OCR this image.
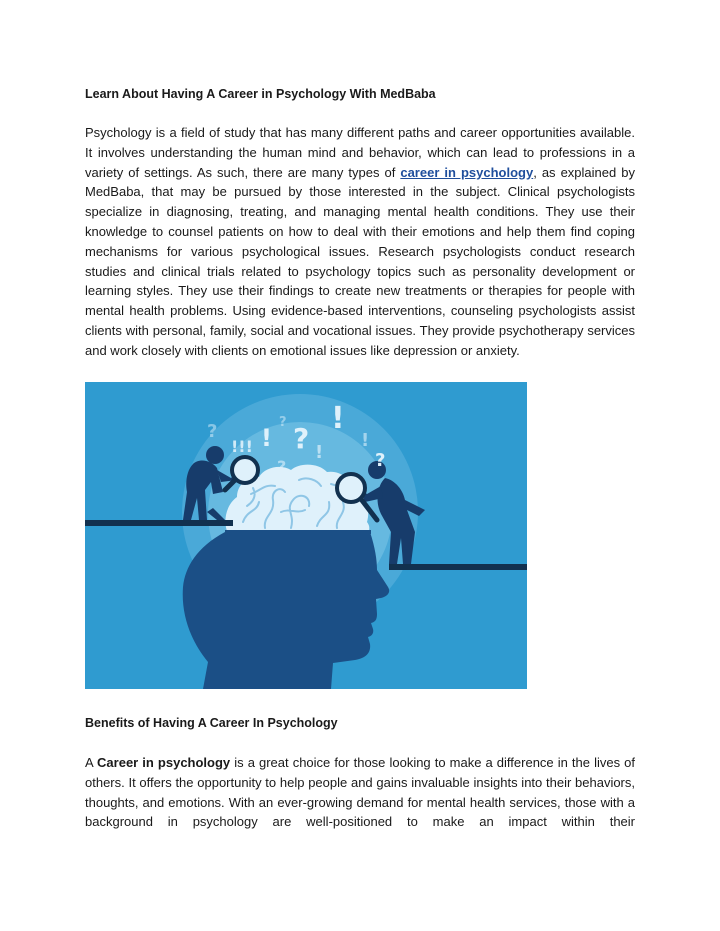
Learn About Having A Career in Psychology With MedBaba
Psychology is a field of study that has many different paths and career opportunities available. It involves understanding the human mind and behavior, which can lead to professions in a variety of settings. As such, there are many types of career in psychology, as explained by MedBaba, that may be pursued by those interested in the subject. Clinical psychologists specialize in diagnosing, treating, and managing mental health conditions. They use their knowledge to counsel patients on how to deal with their emotions and help them find coping mechanisms for various psychological issues. Research psychologists conduct research studies and clinical trials related to psychology topics such as personality development or learning styles. They use their findings to create new treatments or therapies for people with mental health problems. Using evidence-based interventions, counseling psychologists assist clients with personal, family, social and vocational issues. They provide psychotherapy services and work closely with clients on emotional issues like depression or anxiety.
Benefits of Having A Career In Psychology
A Career in psychology is a great choice for those looking to make a difference in the lives of others. It offers the opportunity to help people and gains invaluable insights into their behaviors, thoughts, and emotions. With an ever-growing demand for mental health services, those with a background in psychology are well-positioned to make an impact within their
?	?
!!! ! ?
?
!
!
!
?
